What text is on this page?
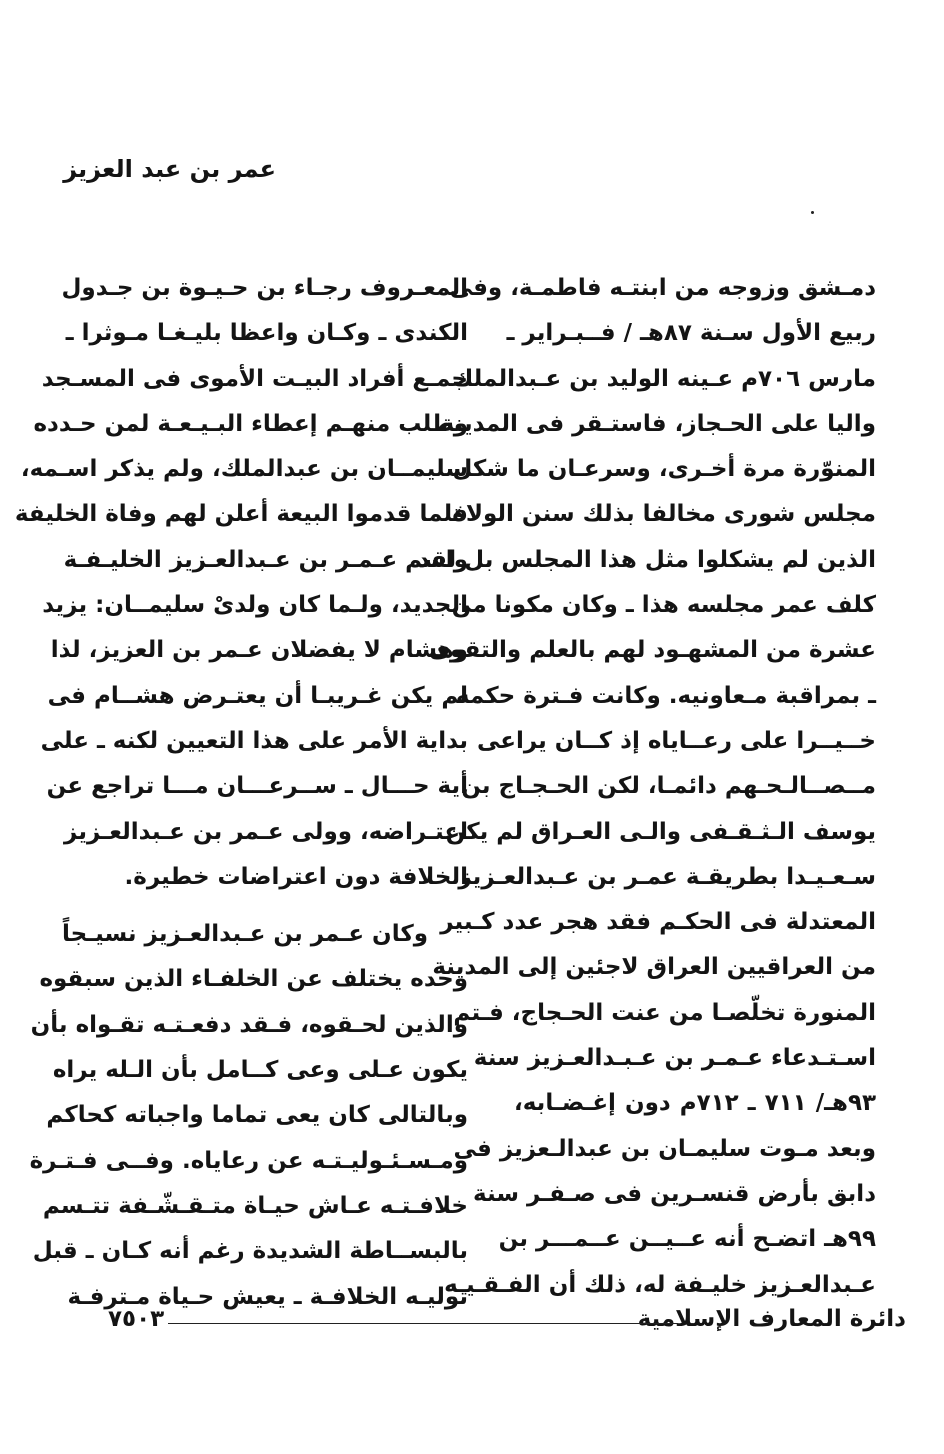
عمر بن عبد العزيز
دمـشق وزوجه من ابنتـه فاطمـة، وفى
ربيع الأول سـنة ٨٧هـ / فــبـراير ـ
مارس ٧٠٦م عـينه الوليد بن عـبدالملك
واليا على الحـجاز، فاستـقر فى المدينة
المنوّرة مرة أخـرى، وسرعـان ما شكل
مجلس شورى مخالفا بذلك سنن الولاة
الذين لم يشكلوا مثل هذا المجلس بل لقد
كلف عمر مجلسه هذا ـ وكان مكونا من
عشرة من المشهـود لهم بالعلم والتقوى
ـ بمراقبة مـعاونيه. وكانت فـترة حكمه
خــيــرا على رعــاياه إذ كــان يراعى
مــصــالـحـهم دائمـا، لكن الحـجـاج بن
يوسف الـثـقـفى والـى العـراق لم يكن
سـعـيـدا بطريقـة عمـر بن عـبدالعـزيز
المعتدلة فى الحكـم فقد هجر عدد كـبير
من العراقيين العراق لاجئين إلى المدينة
المنورة تخلّصـا من عنت الحـجاج، فـتم
اسـتـدعاء عـمـر بن عـبـدالعـزيز سنة
٩٣هـ/ ٧١١ ـ ٧١٢م دون إغـضـابه،
وبعد مـوت سليمـان بن عبدالـعزيز فى
دابق بأرض قنسـرين فى صـفـر سنة
٩٩هـ اتضـح أنه عــيــن عــمـــر بن
عـبدالعـزيز خليـفة له، ذلك أن الفـقـيـه
المعـروف رجـاء بن حـيـوة بن جـدول
الكندى ـ وكـان واعظا بليـغـا مـوثرا ـ
جمـع أفراد البيـت الأموى فى المسـجد
وطلب منهـم إعطاء البـيـعـة لمن حـدده
سليمــان بن عبدالملك، ولم يذكر اسـمه،
فلما قدموا البيعة أعلن لهم وفاة الخليفة
واسم عـمـر بن عـبدالعـزيز الخليـفـة
الجديد، ولـما كان ولدىْ سليمــان: يزيد
وهشام لا يفضلان عـمر بن العزيز، لذا
لم يكن غـريبـا أن يعتـرض هشــام فى
بداية الأمر على هذا التعيين لكنه ـ على
أية حـــال ـ ســرعـــان مـــا تراجع عن
اعتـراضه، وولى عـمر بن عـبدالعـزيز
الخلافة دون اعتراضات خطيرة.
وكان عـمر بن عـبدالعـزيز نسيـجاً
وحده يختلف عن الخلفـاء الذين سبقوه
والذين لحـقوه، فـقد دفعـتـه تقـواه بأن
يكون عـلى وعى كــامل بأن الـله يراه
وبالتالى كان يعى تماما واجباته كحاكم
ومـسـئـوليـتـه عن رعاياه. وفــى فـتـرة
خلافـتـه عـاش حيـاة متـقـشّـفة تتـسم
بالبســاطة الشديدة رغم أنه كـان ـ قبل
توليـه الخلافـة ـ يعيش حـياة مـترفـة
دائرة المعارف الإسلامية
٧٥٠٣
